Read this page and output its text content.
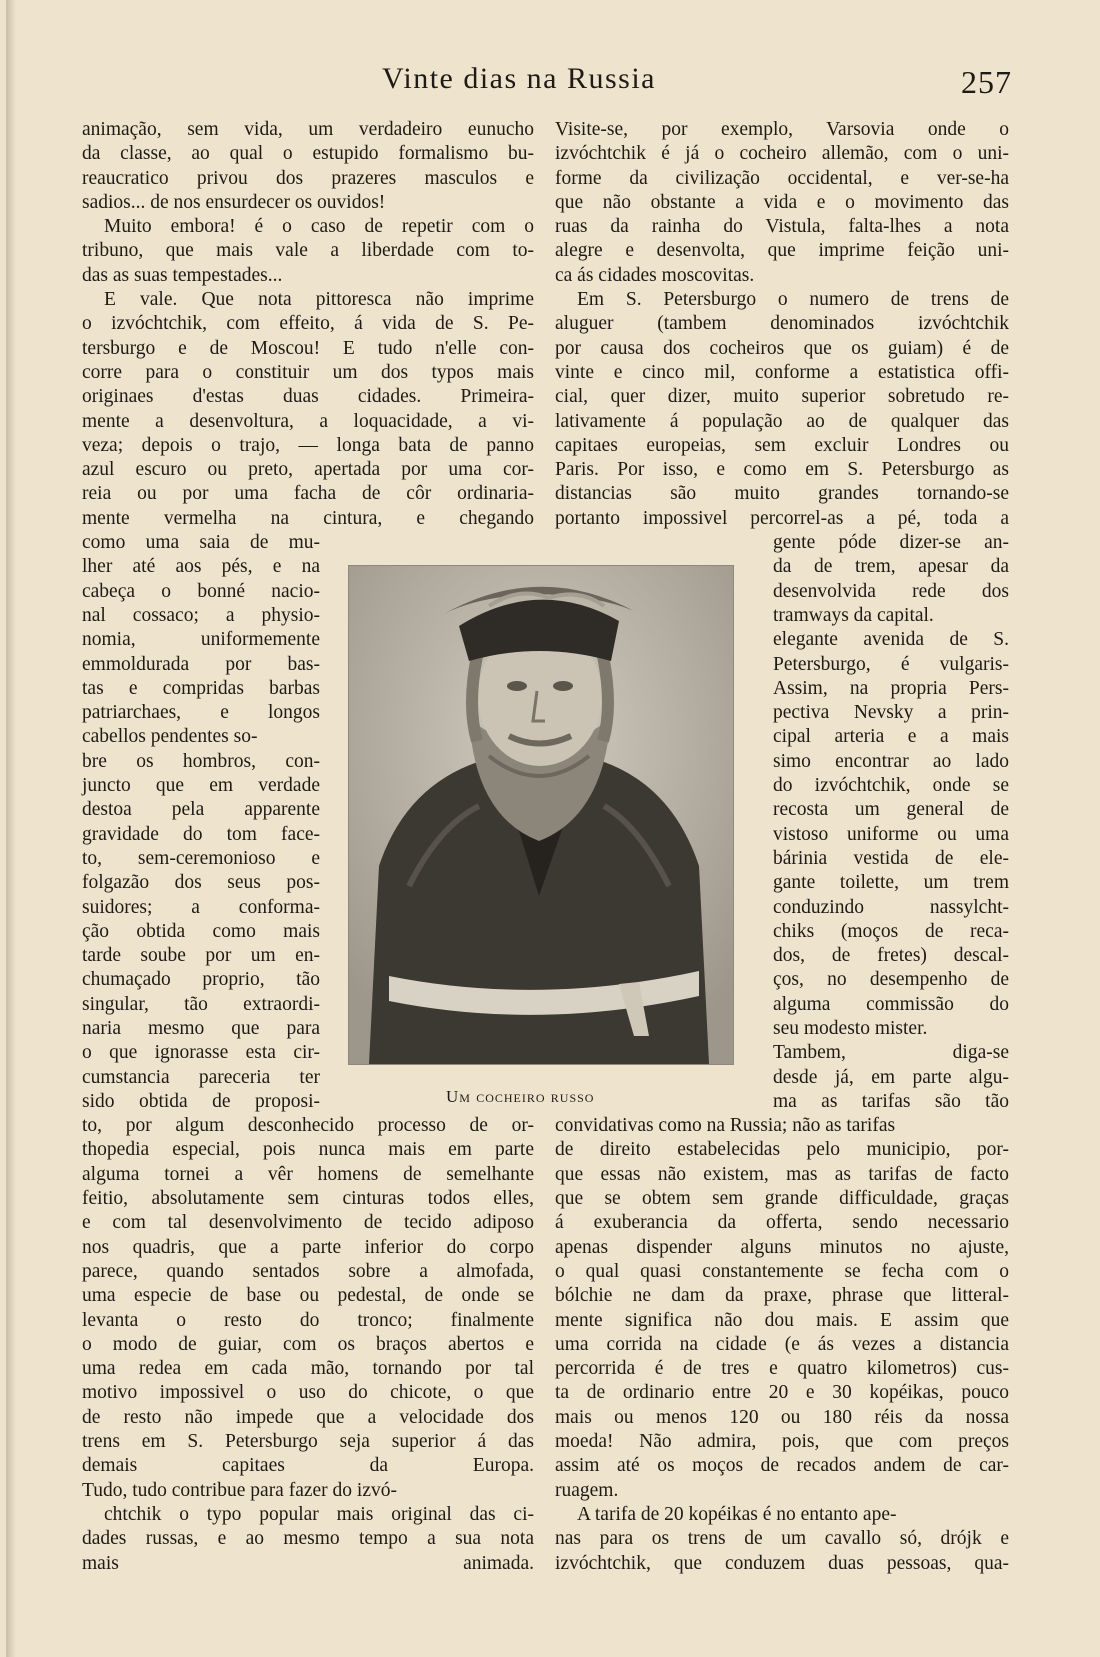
Vinte dias na Russia	257
animação, sem vida, um verdadeiro eunucho
da classe, ao qual o estupido formalismo bu-
reaucratico privou dos prazeres masculos e
sadios... de nos ensurdecer os ouvidos!
Muito embora! é o caso de repetir com o
tribuno, que mais vale a liberdade com to-
das as suas tempestades...
E vale. Que nota pittoresca não imprime
o izvóchtchik, com effeito, á vida de S. Pe-
tersburgo e de Moscou! E tudo n'elle con-
corre para o constituir um dos typos mais
originaes d'estas duas cidades. Primeira-
mente a desenvoltura, a loquacidade, a vi-
veza; depois o trajo, — longa bata de panno
azul escuro ou preto, apertada por uma cor-
reia ou por uma facha de côr ordinaria-
mente vermelha na cintura, e chegando
como uma saia de mu-
lher até aos pés, e na
cabeça o bonné nacio-
nal cossaco; a physio-
nomia, uniformemente
emmoldurada por bas-
tas e compridas barbas
patriarchaes, e longos
cabellos pendentes so-
bre os hombros, con-
juncto que em verdade
destoa pela apparente
gravidade do tom face-
to, sem-ceremonioso e
folgazão dos seus pos-
suidores; a conforma-
ção obtida como mais
tarde soube por um en-
chumaçado proprio, tão
singular, tão extraordi-
naria mesmo que para
o que ignorasse esta cir-
cumstancia pareceria ter
sido obtida de proposi-
to, por algum desconhecido processo de or-
thopedia especial, pois nunca mais em parte
alguma tornei a vêr homens de semelhante
feitio, absolutamente sem cinturas todos elles,
e com tal desenvolvimento de tecido adiposo
nos quadris, que a parte inferior do corpo
parece, quando sentados sobre a almofada,
uma especie de base ou pedestal, de onde se
levanta o resto do tronco; finalmente
o modo de guiar, com os braços abertos e
uma redea em cada mão, tornando por tal
motivo impossivel o uso do chicote, o que
de resto não impede que a velocidade dos
trens em S. Petersburgo seja superior á das
demais capitaes da Europa.
Tudo, tudo contribue para fazer do izvó-
chtchik o typo popular mais original das ci-
dades russas, e ao mesmo tempo a sua nota
mais animada.
Visite-se, por exemplo, Varsovia onde o
izvóchtchik é já o cocheiro allemão, com o uni-
forme da civilização occidental, e ver-se-ha
que não obstante a vida e o movimento das
ruas da rainha do Vistula, falta-lhes a nota
alegre e desenvolta, que imprime feição uni-
ca ás cidades moscovitas.
Em S. Petersburgo o numero de trens de
aluguer (tambem denominados izvóchtchik
por causa dos cocheiros que os guiam) é de
vinte e cinco mil, conforme a estatistica offi-
cial, quer dizer, muito superior sobretudo re-
lativamente á população ao de qualquer das
capitaes europeias, sem excluir Londres ou
Paris. Por isso, e como em S. Petersburgo as
distancias são muito grandes tornando-se
portanto impossivel percorrel-as a pé, toda a
gente póde dizer-se an-
da de trem, apesar da
desenvolvida rede dos
tramways da capital.
elegante avenida de S.
Petersburgo, é vulgaris-
Assim, na propria Pers-
pectiva Nevsky a prin-
cipal arteria e a mais
simo encontrar ao lado
do izvóchtchik, onde se
recosta um general de
vistoso uniforme ou uma
bárinia vestida de ele-
gante toilette, um trem
conduzindo nassylcht-
chiks (moços de reca-
dos, de fretes) descal-
ços, no desempenho de
alguma commissão do
seu modesto mister.
Tambem, diga-se
desde já, em parte algu-
ma as tarifas são tão
convidativas como na Russia; não as tarifas
de direito estabelecidas pelo municipio, por-
que essas não existem, mas as tarifas de facto
que se obtem sem grande difficuldade, graças
á exuberancia da offerta, sendo necessario
apenas dispender alguns minutos no ajuste,
o qual quasi constantemente se fecha com o
bólchie ne dam da praxe, phrase que litteral-
mente significa não dou mais. E assim que
uma corrida na cidade (e ás vezes a distancia
percorrida é de tres e quatro kilometros) cus-
ta de ordinario entre 20 e 30 kopéikas, pouco
mais ou menos 120 ou 180 réis da nossa
moeda! Não admira, pois, que com preços
assim até os moços de recados andem de car-
ruagem.
A tarifa de 20 kopéikas é no entanto ape-
nas para os trens de um cavallo só, drójk e
izvóchtchik, que conduzem duas pessoas, qua-
Um cocheiro russo
